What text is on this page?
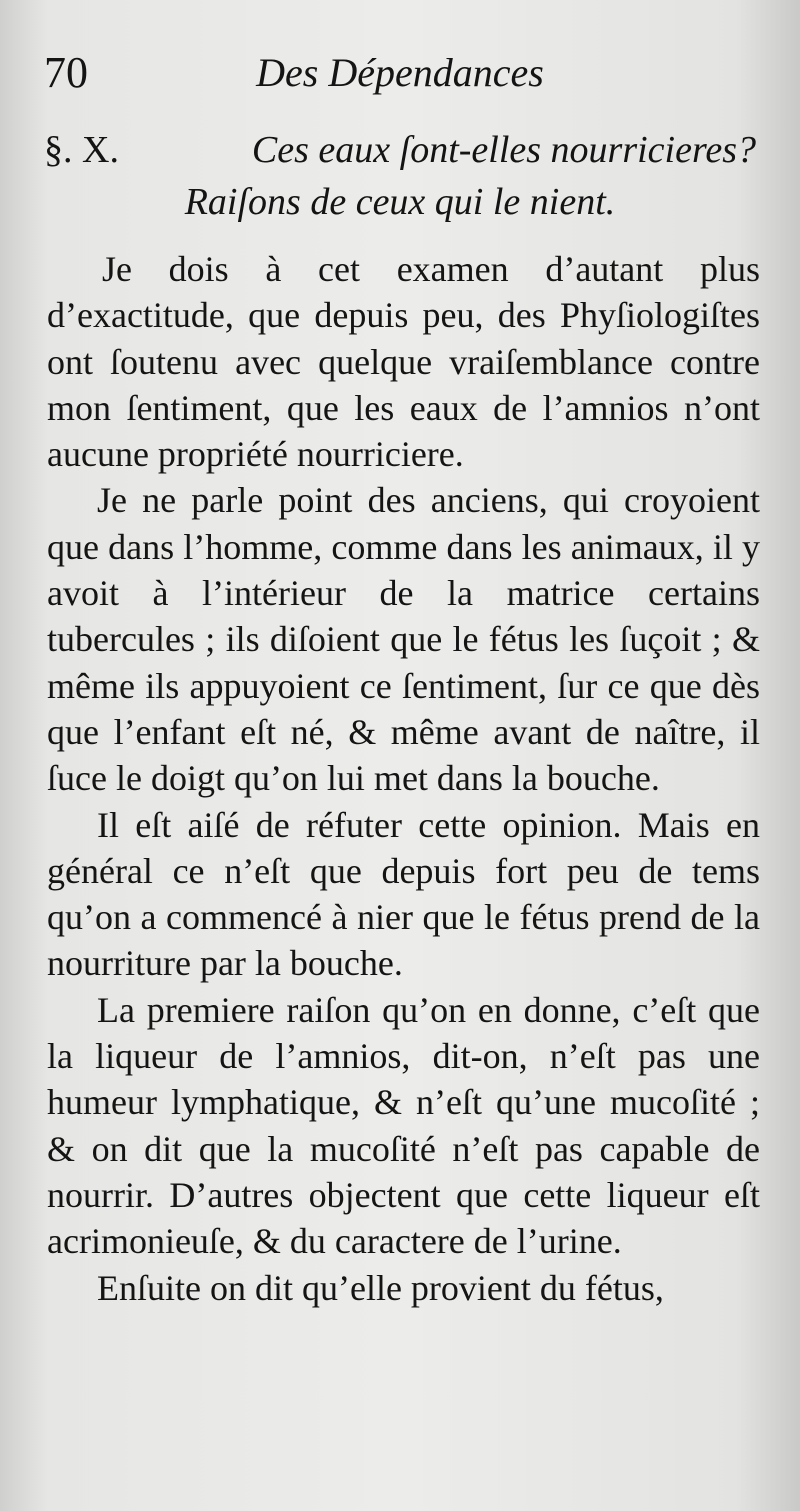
70	Des Dépendances
§. X.	Ces eaux ſont-elles nourricieres?
Raiſons de ceux qui le nient.

Je dois à cet examen d’autant plus d’exactitude, que depuis peu, des Phyſiologiſtes ont ſoutenu avec quelque vraiſemblance contre mon ſentiment, que les eaux de l’amnios n’ont aucune propriété nourriciere.

Je ne parle point des anciens, qui croyoient que dans l’homme, comme dans les animaux, il y avoit à l’intérieur de la matrice certains tubercules ; ils diſoient que le fétus les ſuçoit ; & même ils appuyoient ce ſentiment, ſur ce que dès que l’enfant eſt né, & même avant de naître, il ſuce le doigt qu’on lui met dans la bouche.

Il eſt aiſé de réfuter cette opinion. Mais en général ce n’eſt que depuis fort peu de tems qu’on a commencé à nier que le fétus prend de la nourriture par la bouche.

La premiere raiſon qu’on en donne, c’eſt que la liqueur de l’amnios, dit-on, n’eſt pas une humeur lymphatique, & n’eſt qu’une mucoſité ; & on dit que la mucoſité n’eſt pas capable de nourrir. D’autres objectent que cette liqueur eſt acrimonieuſe, & du caractere de l’urine.

Enſuite on dit qu’elle provient du fétus,
